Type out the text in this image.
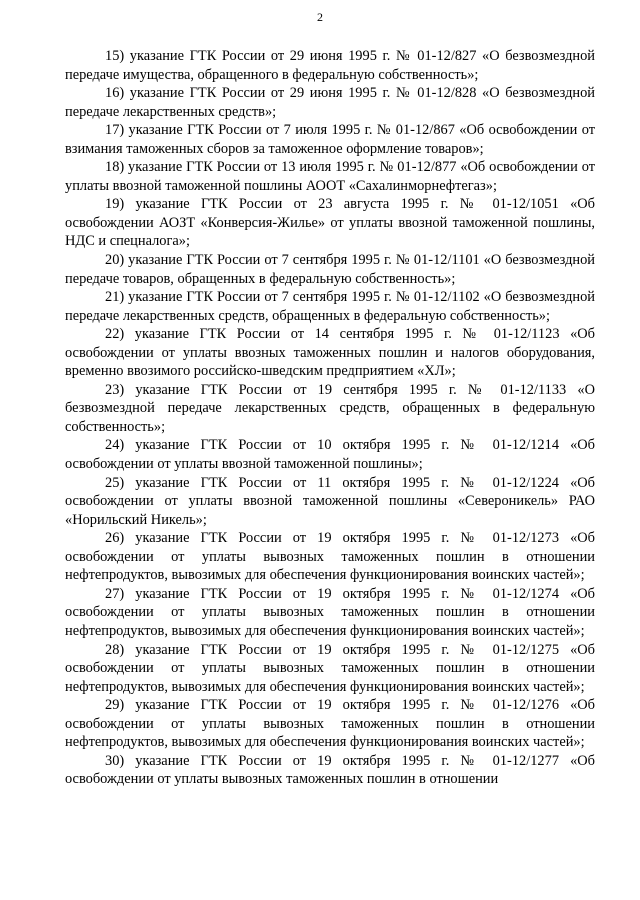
2

15) указание ГТК России от 29 июня 1995 г. № 01-12/827 «О безвозмездной передаче имущества, обращенного в федеральную собственность»;

16) указание ГТК России от 29 июня 1995 г. № 01-12/828 «О безвозмездной передаче лекарственных средств»;

17) указание ГТК России от 7 июля 1995 г. № 01-12/867 «Об освобождении от взимания таможенных сборов за таможенное оформление товаров»;

18) указание ГТК России от 13 июля 1995 г. № 01-12/877 «Об освобождении от уплаты ввозной таможенной пошлины АООТ «Сахалинморнефтегаз»;

19) указание ГТК России от 23 августа 1995 г. № 01-12/1051 «Об освобождении АОЗТ «Конверсия-Жилье» от уплаты ввозной таможенной пошлины, НДС и спецналога»;

20) указание ГТК России от 7 сентября 1995 г. № 01-12/1101 «О безвозмездной передаче товаров, обращенных в федеральную собственность»;

21) указание ГТК России от 7 сентября 1995 г. № 01-12/1102 «О безвозмездной передаче лекарственных средств, обращенных в федеральную собственность»;

22) указание ГТК России от 14 сентября 1995 г. № 01-12/1123 «Об освобождении от уплаты ввозных таможенных пошлин и налогов оборудования, временно ввозимого российско-шведским предприятием «ХЛ»;

23) указание ГТК России от 19 сентября 1995 г. № 01-12/1133 «О безвозмездной передаче лекарственных средств, обращенных в федеральную собственность»;

24) указание ГТК России от 10 октября 1995 г. № 01-12/1214 «Об освобождении от уплаты ввозной таможенной пошлины»;

25) указание ГТК России от 11 октября 1995 г. № 01-12/1224 «Об освобождении от уплаты ввозной таможенной пошлины «Североникель» РАО «Норильский Никель»;

26) указание ГТК России от 19 октября 1995 г. № 01-12/1273 «Об освобождении от уплаты вывозных таможенных пошлин в отношении нефтепродуктов, вывозимых для обеспечения функционирования воинских частей»;

27) указание ГТК России от 19 октября 1995 г. № 01-12/1274 «Об освобождении от уплаты вывозных таможенных пошлин в отношении нефтепродуктов, вывозимых для обеспечения функционирования воинских частей»;

28) указание ГТК России от 19 октября 1995 г. № 01-12/1275 «Об освобождении от уплаты вывозных таможенных пошлин в отношении нефтепродуктов, вывозимых для обеспечения функционирования воинских частей»;

29) указание ГТК России от 19 октября 1995 г. № 01-12/1276 «Об освобождении от уплаты вывозных таможенных пошлин в отношении нефтепродуктов, вывозимых для обеспечения функционирования воинских частей»;

30) указание ГТК России от 19 октября 1995 г. № 01-12/1277 «Об освобождении от уплаты вывозных таможенных пошлин в отношении
